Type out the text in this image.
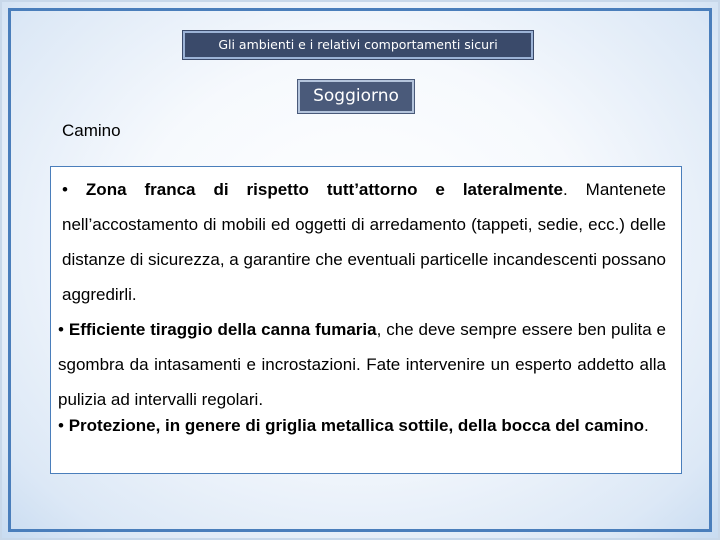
Gli ambienti e i relativi comportamenti sicuri
Soggiorno
Camino
• Zona franca di rispetto tutt’attorno e lateralmente. Mantenete nell’accostamento di mobili ed oggetti di arredamento (tappeti, sedie, ecc.) delle distanze di sicurezza, a garantire che eventuali particelle incandescenti possano aggredirli.
• Efficiente tiraggio della canna fumaria, che deve sempre essere ben pulita e sgombra da intasamenti e incrostazioni. Fate intervenire un esperto addetto alla pulizia ad intervalli regolari.
• Protezione, in genere di griglia metallica sottile, della bocca del camino.
